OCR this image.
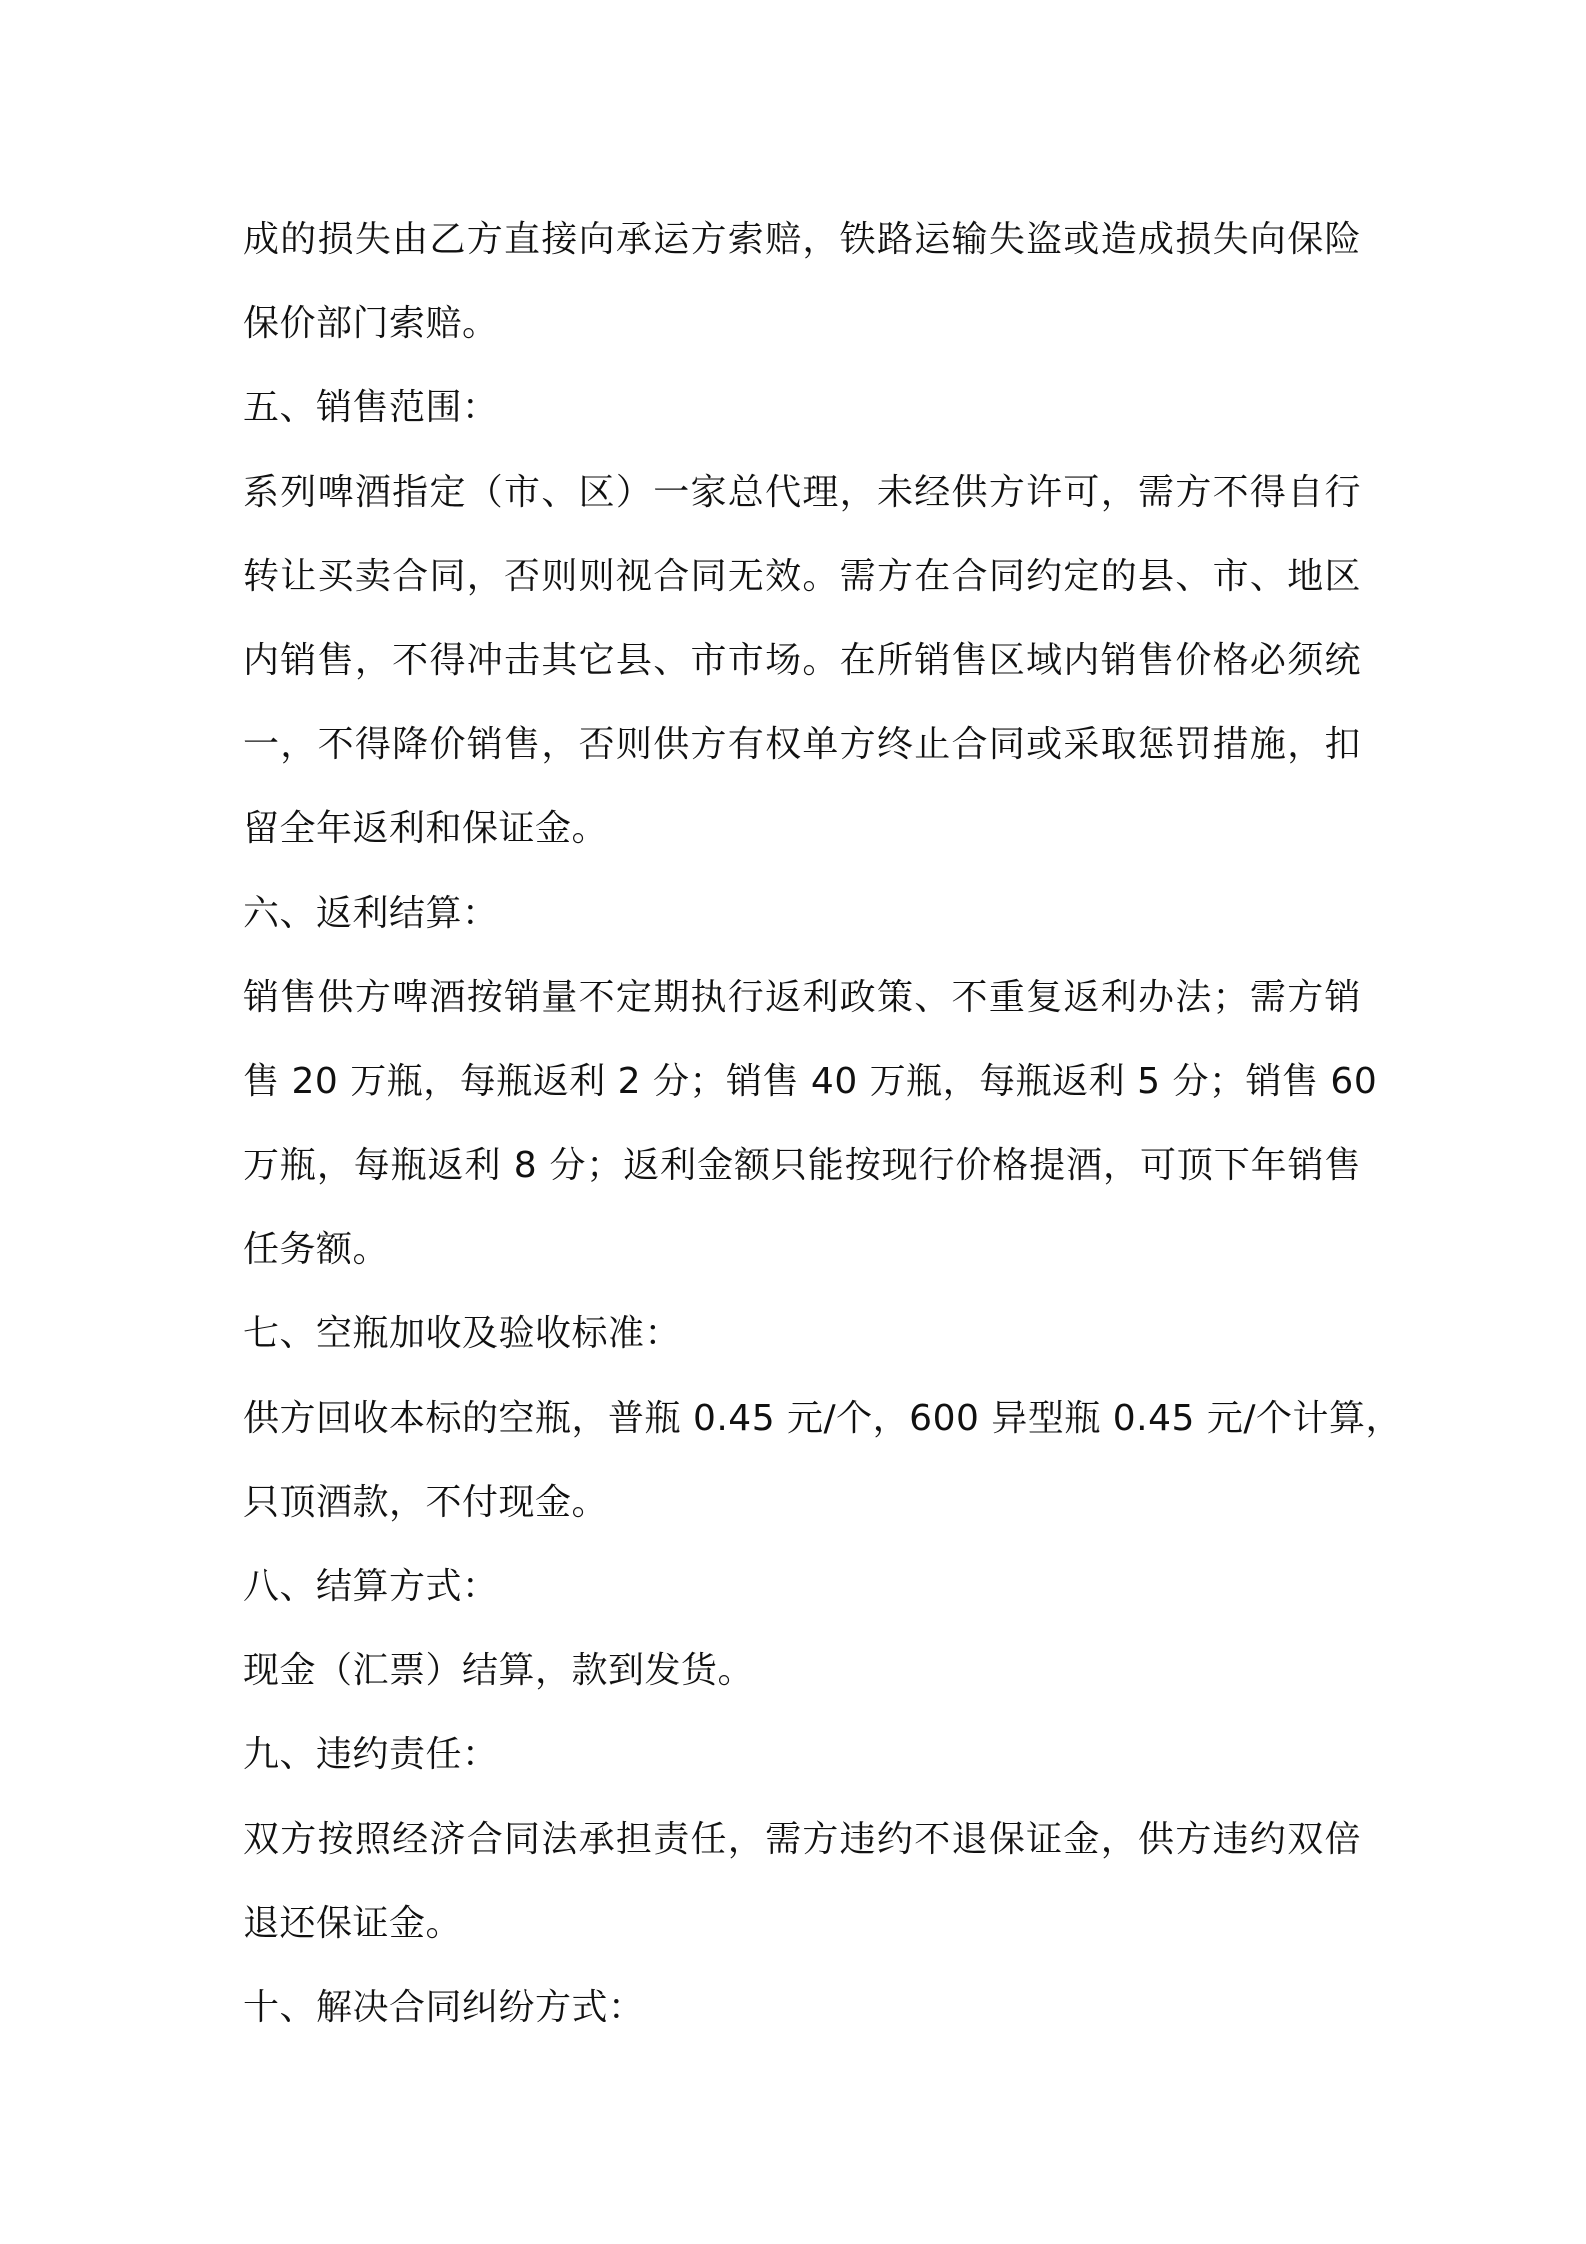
成的损失由乙方直接向承运方索赔，铁路运输失盗或造成损失向保险
保价部门索赔。
五、销售范围：
系列啤酒指定（市、区）一家总代理，未经供方许可，需方不得自行
转让买卖合同，否则则视合同无效。需方在合同约定的县、市、地区
内销售，不得冲击其它县、市市场。在所销售区域内销售价格必须统
一，不得降价销售，否则供方有权单方终止合同或采取惩罚措施，扣
留全年返利和保证金。
六、返利结算：
销售供方啤酒按销量不定期执行返利政策、不重复返利办法；需方销
售 20 万瓶，每瓶返利 2 分；销售 40 万瓶，每瓶返利 5 分；销售 60
万瓶，每瓶返利 8 分；返利金额只能按现行价格提酒，可顶下年销售
任务额。
七、空瓶加收及验收标准：
供方回收本标的空瓶，普瓶 0.45 元/个，600 异型瓶 0.45 元/个计算，
只顶酒款，不付现金。
八、结算方式：
现金（汇票）结算，款到发货。
九、违约责任：
双方按照经济合同法承担责任，需方违约不退保证金，供方违约双倍
退还保证金。
十、解决合同纠纷方式：
